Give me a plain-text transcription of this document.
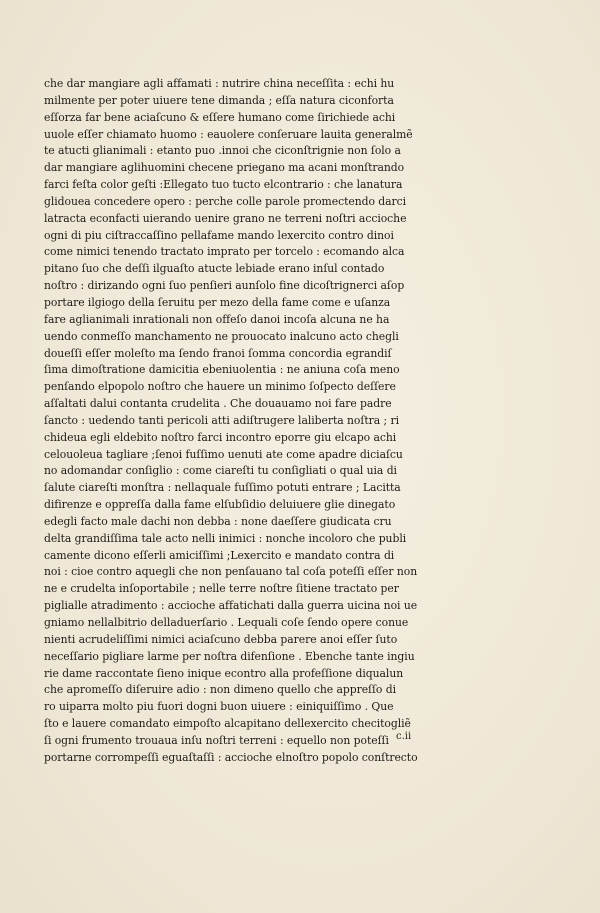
che dar mangiare agli affamati : nutrire china neceſſita : echi hu
milmente per poter uiuere tene dimanda ; eſſa natura ciconforta
eſſorza far bene aciaſcuno & eſſere humano come ſirichiede achi
uuole eſſer chiamato huomo : eauolere conſeruare lauita generalmẽ
te atucti glianimali : etanto puo .innoi che ciconſtrignie non ſolo a
dar mangiare aglihuomini checene priegano ma acani monſtrando
farci feſta color geſti :Ellegato tuo tucto elcontrario : che lanatura
glidouea concedere opero : perche colle parole promectendo darci
latracta econfacti uierando uenire grano ne terreni noſtri accioche
ogni di piu ciſtraccaſſino pellafame mando lexercito contro dinoi
come nimici tenendo tractato imprato per torcelo : ecomando alca
pitano ſuo che deſſi ilguaſto atucte lebiade erano inſul contado
noſtro : dirizando ogni ſuo penſieri aunſolo fine dicoſtrignerci aſop
portare ilgiogo della ſeruitu per mezo della fame come e uſanza
fare aglianimali inrationali non offeſo danoi incoſa alcuna ne ha
uendo conmeſſo manchamento ne prouocato inalcuno acto chegli
doueſſi eſſer moleſto ma ſendo franoi ſomma concordia egrandiſ
ſima dimoſtratione damicitia ebeniuolentia : ne aniuna coſa meno
penſando elpopolo noſtro che hauere un minimo ſoſpecto deſſere
aſſaltati dalui contanta crudelita . Che douauamo noi fare padre
ſancto : uedendo tanti pericoli atti adiſtrugere laliberta noſtra ; ri
chideua egli eldebito noſtro farci incontro eporre giu elcapo achi
celouoleua tagliare ;ſenoi fuſſimo uenuti ate come apadre diciaſcu
no adomandar conſiglio : come ciareſti tu conſigliati o qual uia di
ſalute ciareſti monſtra : nellaquale fuſſimo potuti entrare ; Lacitta
difirenze e oppreſſa dalla fame elſubſidio deluiuere glie dinegato
edegli facto male dachi non debba : none daeſſere giudicata cru
delta grandiſſima tale acto nelli inimici : nonche incoloro che publi
camente dicono eſſerli amiciſſimi ;Lexercito e mandato contra di
noi : cioe contro aquegli che non penſauano tal coſa poteſſi eſſer non
ne e crudelta inſoportabile ; nelle terre noſtre ſitiene tractato per
piglialle atradimento : accioche affatichati dalla guerra uicina noi ue
gniamo nellalbitrio delladuerſario . Lequali coſe ſendo opere conue
nienti acrudeliſſimi nimici aciaſcuno debba parere anoi eſſer ſuto
neceſſario pigliare larme per noſtra difenſione . Ebenche tante ingiu
rie dame raccontate ſieno inique econtro alla profeſſione diqualun
che apromeſſo diſeruire adio : non dimeno quello che appreſſo di
ro uiparra molto piu fuori dogni buon uiuere : einiquiſſimo . Que
ſto e lauere comandato eimpoſto alcapitano dellexercito checitogliẽ
ſi ogni frumento trouaua inſu noſtri terreni : equello non poteſſi
portarne corrompeſſi eguaſtaſſi : accioche elnoſtro popolo conſtrecto
c.ii
